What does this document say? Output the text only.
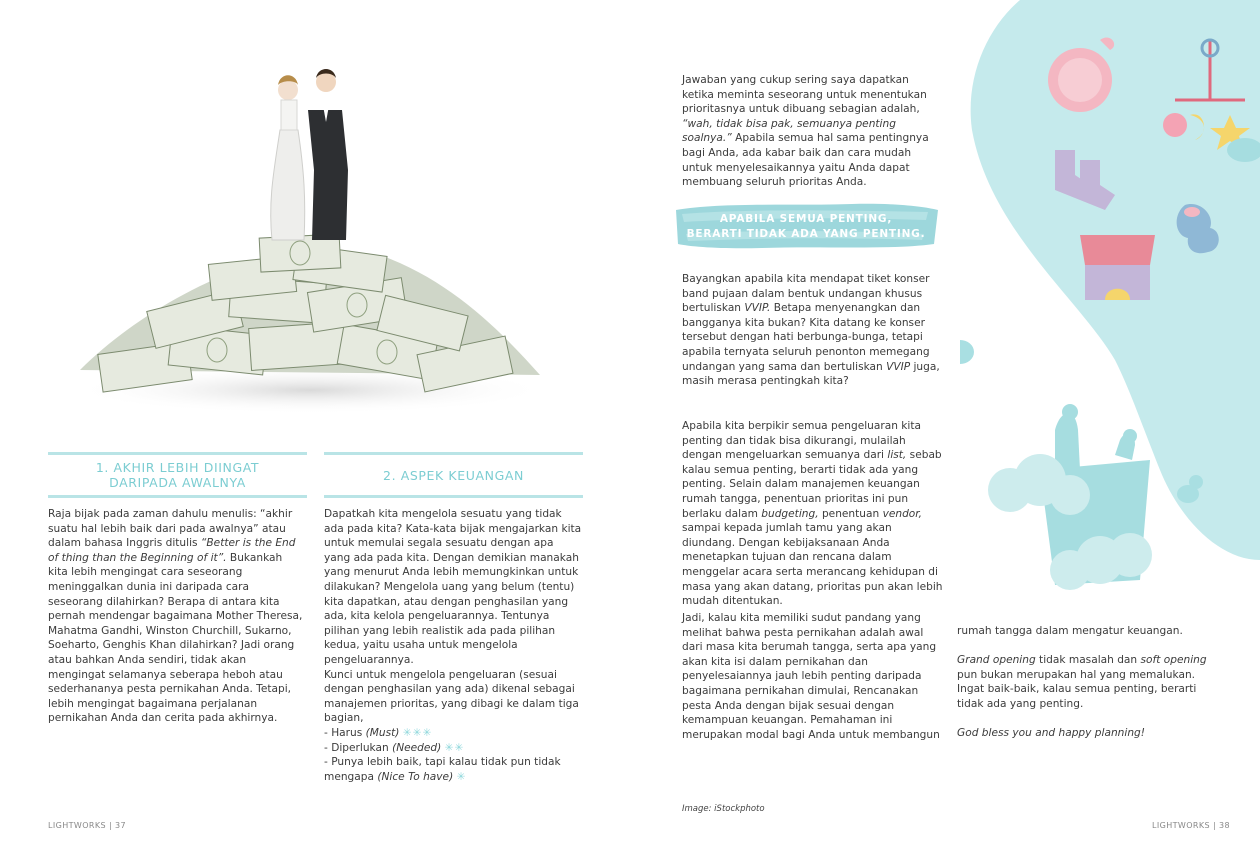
1. AKHIR LEBIH DIINGAT DARIPADA AWALNYA

Raja bijak pada zaman dahulu menulis: “akhir suatu hal lebih baik dari pada awalnya” atau dalam bahasa Inggris ditulis “Better is the End of thing than the Beginning of it”. Bukankah kita lebih mengingat cara seseorang meninggalkan dunia ini daripada cara seseorang dilahirkan? Berapa di antara kita pernah mendengar bagaimana Mother Theresa, Mahatma Gandhi, Winston Churchill, Sukarno, Soeharto, Genghis Khan dilahirkan? Jadi orang atau bahkan Anda sendiri, tidak akan mengingat selamanya seberapa heboh atau sederhananya pesta pernikahan Anda. Tetapi, lebih mengingat bagaimana perjalanan pernikahan Anda dan cerita pada akhirnya.

2. ASPEK KEUANGAN

Dapatkah kita mengelola sesuatu yang tidak ada pada kita? Kata-kata bijak mengajarkan kita untuk memulai segala sesuatu dengan apa yang ada pada kita. Dengan demikian manakah yang menurut Anda lebih memungkinkan untuk dilakukan? Mengelola uang yang belum (tentu) kita dapatkan, atau dengan penghasilan yang ada, kita kelola pengeluarannya. Tentunya pilihan yang lebih realistik ada pada pilihan kedua, yaitu usaha untuk mengelola pengeluarannya.

Kunci untuk mengelola pengeluaran (sesuai dengan penghasilan yang ada) dikenal sebagai manajemen prioritas, yang dibagi ke dalam tiga bagian,

- Harus (Must) ✳✳✳

- Diperlukan (Needed) ✳✳

- Punya lebih baik, tapi kalau tidak pun tidak mengapa (Nice To have) ✳

LIGHTWORKS | 37

Jawaban yang cukup sering saya dapatkan ketika meminta seseorang untuk menentukan prioritasnya untuk dibuang sebagian adalah, “wah, tidak bisa pak, semuanya penting soalnya.” Apabila semua hal sama pentingnya bagi Anda, ada kabar baik dan cara mudah untuk menyelesaikannya yaitu Anda dapat membuang seluruh prioritas Anda.

APABILA SEMUA PENTING,
BERARTI TIDAK ADA YANG PENTING.

Bayangkan apabila kita mendapat tiket konser band pujaan dalam bentuk undangan khusus bertuliskan VVIP. Betapa menyenangkan dan bangganya kita bukan? Kita datang ke konser tersebut dengan hati berbunga-bunga, tetapi apabila ternyata seluruh penonton memegang undangan yang sama dan bertuliskan VVIP juga, masih merasa pentingkah kita?

Apabila kita berpikir semua pengeluaran kita penting dan tidak bisa dikurangi, mulailah dengan mengeluarkan semuanya dari list, sebab kalau semua penting, berarti tidak ada yang penting. Selain dalam manajemen keuangan rumah tangga, penentuan prioritas ini pun berlaku dalam budgeting, penentuan vendor, sampai kepada jumlah tamu yang akan diundang. Dengan kebijaksanaan Anda menetapkan tujuan dan rencana dalam menggelar acara serta merancang kehidupan di masa yang akan datang, prioritas pun akan lebih mudah ditentukan.

Jadi, kalau kita memiliki sudut pandang yang melihat bahwa pesta pernikahan adalah awal dari masa kita berumah tangga, serta apa yang akan kita isi dalam pernikahan dan penyelesaiannya jauh lebih penting daripada bagaimana pernikahan dimulai, Rencanakan pesta Anda dengan bijak sesuai dengan kemampuan keuangan. Pemahaman ini merupakan modal bagi Anda untuk membangun

rumah tangga dalam mengatur keuangan.

Grand opening tidak masalah dan soft opening pun bukan merupakan hal yang memalukan. Ingat baik-baik, kalau semua penting, berarti tidak ada yang penting.

God bless you and happy planning!

Image: iStockphoto
LIGHTWORKS | 38
